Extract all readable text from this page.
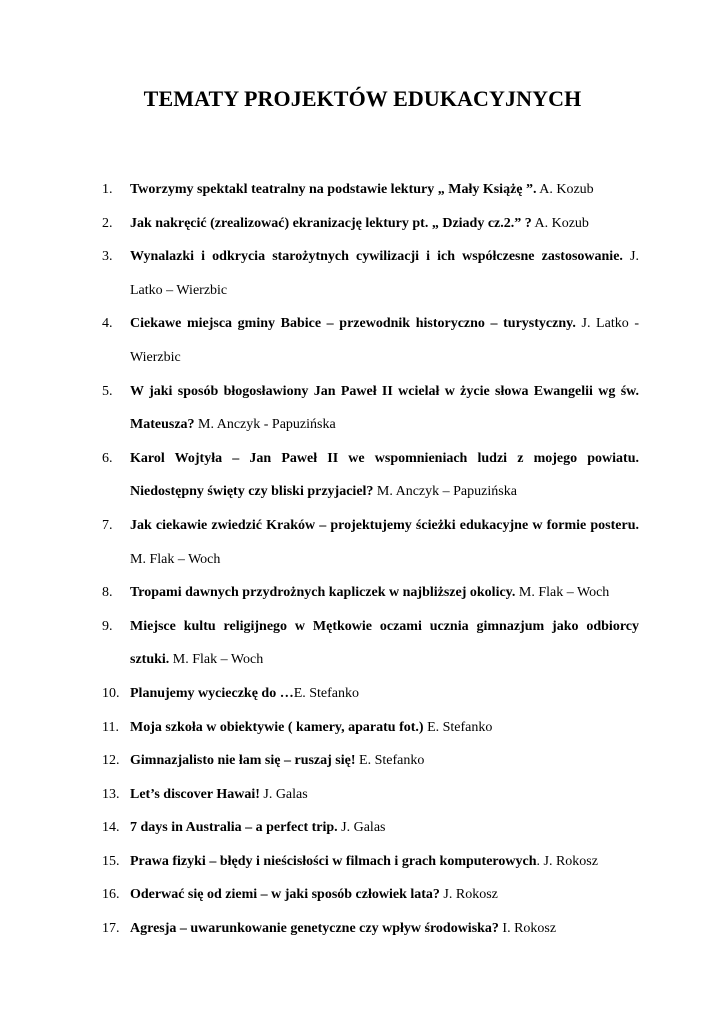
TEMATY PROJEKTÓW EDUKACYJNYCH
1.	Tworzymy spektakl teatralny na podstawie lektury „ Mały Książę ”. A. Kozub
2.	Jak nakręcić (zrealizować) ekranizację lektury pt. „ Dziady cz.2.” ? A. Kozub
3.	Wynalazki i odkrycia starożytnych cywilizacji i ich współczesne zastosowanie. J. Latko – Wierzbic
4.	Ciekawe miejsca gminy Babice – przewodnik historyczno – turystyczny. J. Latko - Wierzbic
5.	W jaki sposób błogosławiony Jan Paweł II wcielał w życie słowa Ewangelii wg św. Mateusza? M. Anczyk - Papuzińska
6.	Karol Wojtyła – Jan Paweł II we wspomnieniach ludzi z mojego powiatu. Niedostępny święty czy bliski przyjaciel? M. Anczyk – Papuzińska
7.	Jak ciekawie zwiedzić Kraków – projektujemy ścieżki edukacyjne w formie posteru. M. Flak – Woch
8.	Tropami dawnych przydrożnych kapliczek w najbliższej okolicy. M. Flak – Woch
9.	Miejsce kultu religijnego w Mętkowie oczami ucznia gimnazjum jako odbiorcy sztuki. M. Flak – Woch
10. Planujemy wycieczkę do …E. Stefanko
11. Moja szkoła w obiektywie ( kamery, aparatu fot.) E. Stefanko
12. Gimnazjalisto nie łam się – ruszaj się! E. Stefanko
13. Let’s discover Hawai! J. Galas
14. 7 days in Australia – a perfect trip. J. Galas
15. Prawa fizyki – błędy i nieścisłości w filmach i grach komputerowych. J. Rokosz
16. Oderwać się od ziemi – w jaki sposób człowiek lata? J. Rokosz
17. Agresja – uwarunkowanie genetyczne czy wpływ środowiska? I. Rokosz
